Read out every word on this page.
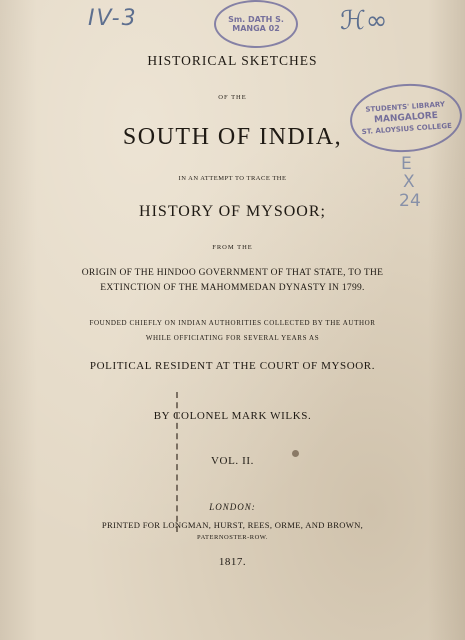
IV-3	ℋ∞
Sm. DATH S.
MANGA 02
STUDENTS' LIBRARY
MANGALORE
ST. ALOYSIUS COLLEGE
E
X
2 4

HISTORICAL SKETCHES

OF THE

SOUTH OF INDIA,

IN AN ATTEMPT TO TRACE THE

HISTORY OF MYSOOR;

FROM THE

ORIGIN OF THE HINDOO GOVERNMENT OF THAT STATE, TO THE

EXTINCTION OF THE MAHOMMEDAN DYNASTY IN 1799.

FOUNDED CHIEFLY ON INDIAN AUTHORITIES COLLECTED BY THE AUTHOR

WHILE OFFICIATING FOR SEVERAL YEARS AS

POLITICAL RESIDENT AT THE COURT OF MYSOOR.

BY COLONEL MARK WILKS.

VOL. II.

LONDON:

PRINTED FOR LONGMAN, HURST, REES, ORME, AND BROWN,

PATERNOSTER-ROW.

1817.
